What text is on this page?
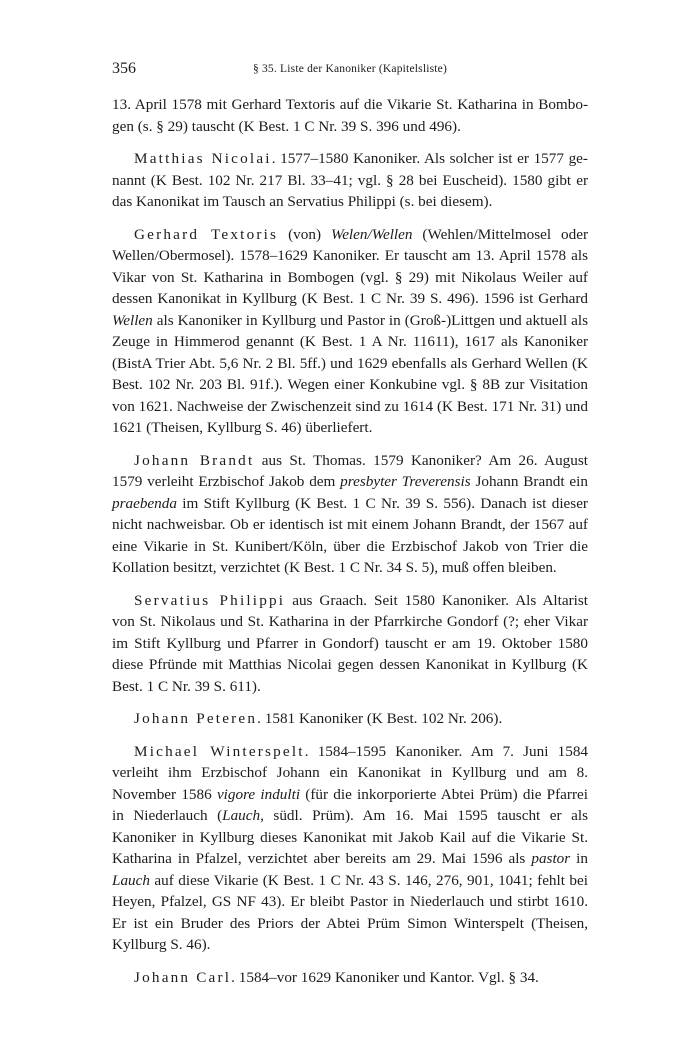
356	§ 35. Liste der Kanoniker (Kapitelsliste)

13. April 1578 mit Gerhard Textoris auf die Vikarie St. Katharina in Bombogen (s. § 29) tauscht (K Best. 1 C Nr. 39 S. 396 und 496).

Matthias Nicolai. 1577–1580 Kanoniker. Als solcher ist er 1577 genannt (K Best. 102 Nr. 217 Bl. 33–41; vgl. § 28 bei Euscheid). 1580 gibt er das Kanonikat im Tausch an Servatius Philippi (s. bei diesem).

Gerhard Textoris (von) Welen/Wellen (Wehlen/Mittelmosel oder Wellen/Obermosel). 1578–1629 Kanoniker. Er tauscht am 13. April 1578 als Vikar von St. Katharina in Bombogen (vgl. § 29) mit Nikolaus Weiler auf dessen Kanonikat in Kyllburg (K Best. 1 C Nr. 39 S. 496). 1596 ist Gerhard Wellen als Kanoniker in Kyllburg und Pastor in (Groß-)Littgen und aktuell als Zeuge in Himmerod genannt (K Best. 1 A Nr. 11611), 1617 als Kanoniker (BistA Trier Abt. 5,6 Nr. 2 Bl. 5ff.) und 1629 ebenfalls als Gerhard Wellen (K Best. 102 Nr. 203 Bl. 91f.). Wegen einer Konkubine vgl. § 8B zur Visitation von 1621. Nachweise der Zwischenzeit sind zu 1614 (K Best. 171 Nr. 31) und 1621 (Theisen, Kyllburg S. 46) überliefert.

Johann Brandt aus St. Thomas. 1579 Kanoniker? Am 26. August 1579 verleiht Erzbischof Jakob dem presbyter Treverensis Johann Brandt ein praebenda im Stift Kyllburg (K Best. 1 C Nr. 39 S. 556). Danach ist dieser nicht nachweisbar. Ob er identisch ist mit einem Johann Brandt, der 1567 auf eine Vikarie in St. Kunibert/Köln, über die Erzbischof Jakob von Trier die Kollation besitzt, verzichtet (K Best. 1 C Nr. 34 S. 5), muß offen bleiben.

Servatius Philippi aus Graach. Seit 1580 Kanoniker. Als Altarist von St. Nikolaus und St. Katharina in der Pfarrkirche Gondorf (?; eher Vikar im Stift Kyllburg und Pfarrer in Gondorf) tauscht er am 19. Oktober 1580 diese Pfründe mit Matthias Nicolai gegen dessen Kanonikat in Kyllburg (K Best. 1 C Nr. 39 S. 611).

Johann Peteren. 1581 Kanoniker (K Best. 102 Nr. 206).

Michael Winterspelt. 1584–1595 Kanoniker. Am 7. Juni 1584 verleiht ihm Erzbischof Johann ein Kanonikat in Kyllburg und am 8. November 1586 vigore indulti (für die inkorporierte Abtei Prüm) die Pfarrei in Niederlauch (Lauch, südl. Prüm). Am 16. Mai 1595 tauscht er als Kanoniker in Kyllburg dieses Kanonikat mit Jakob Kail auf die Vikarie St. Katharina in Pfalzel, verzichtet aber bereits am 29. Mai 1596 als pastor in Lauch auf diese Vikarie (K Best. 1 C Nr. 43 S. 146, 276, 901, 1041; fehlt bei Heyen, Pfalzel, GS NF 43). Er bleibt Pastor in Niederlauch und stirbt 1610. Er ist ein Bruder des Priors der Abtei Prüm Simon Winterspelt (Theisen, Kyllburg S. 46).

Johann Carl. 1584–vor 1629 Kanoniker und Kantor. Vgl. § 34.
